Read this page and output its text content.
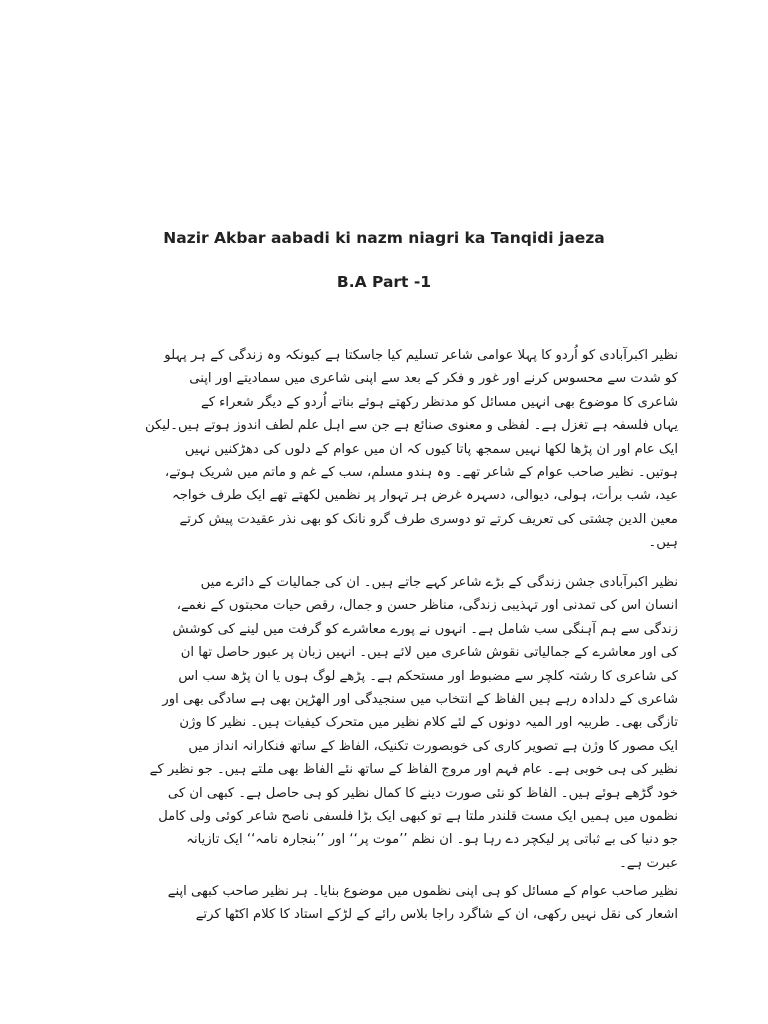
Nazir Akbar aabadi ki nazm niagri ka Tanqidi jaeza
B.A Part -1
نظیر اکبرآبادی کو اُردو کا پہلا عوامی شاعر تسلیم کیا جاسکتا ہے کیونکہ وہ زندگی کے ہر پہلو
کو شدت سے محسوس کرنے اور غور و فکر کے بعد سے اپنی شاعری میں سمادیتے اور اپنی
شاعری کا موضوع بھی انہیں مسائل کو مدنظر رکھتے ہوئے بناتے اُردو کے دیگر شعراء کے
یہاں فلسفہ ہے تغزل ہے۔ لفظی و معنوی صنائع ہے جن سے اہل علم لطف اندوز ہوتے ہیں۔لیکن
ایک عام اور ان پڑھا لکھا نہیں سمجھ پاتا کیوں کہ ان میں عوام کے دلوں کی دھڑکنیں نہیں
ہوتیں۔ نظیر صاحب عوام کے شاعر تھے۔ وہ ہندو مسلم، سب کے غم و ماتم میں شریک ہوتے،
عید، شب برأت، ہولی، دیوالی، دسہرہ غرض ہر تہوار پر نظمیں لکھتے تھے ایک طرف خواجہ
معین الدین چشتی کی تعریف کرتے تو دوسری طرف گرو نانک کو بھی نذر عقیدت پیش کرتے
ہیں۔
نظیر اکبرآبادی جشن زندگی کے بڑے شاعر کہے جاتے ہیں۔ ان کی جمالیات کے دائرے میں
انسان اس کی تمدنی اور تہذیبی زندگی، مناظر حسن و جمال، رقص حیات محبتوں کے نغمے،
زندگی سے ہم آہنگی سب شامل ہے۔ انہوں نے پورے معاشرے کو گرفت میں لینے کی کوشش
کی اور معاشرے کے جمالیاتی نقوش شاعری میں لائے ہیں۔ انہیں زبان پر عبور حاصل تھا ان
کی شاعری کا رشتہ کلچر سے مضبوط اور مستحکم ہے۔ پڑھے لوگ ہوں یا ان پڑھ سب اس
شاعری کے دلدادہ رہے ہیں الفاظ کے انتخاب میں سنجیدگی اور الھڑپن بھی ہے سادگی بھی اور
تازگی بھی۔ طربیہ اور المیہ دونوں کے لئے کلام نظیر میں متحرک کیفیات ہیں۔ نظیر کا وژن
ایک مصور کا وژن ہے تصویر کاری کی خوبصورت تکنیک، الفاظ کے ساتھ فنکارانہ انداز میں
نظیر کی ہی خوبی ہے۔ عام فہم اور مروج الفاظ کے ساتھ نئے الفاظ بھی ملتے ہیں۔ جو نظیر کے
خود گڑھے ہوئے ہیں۔ الفاظ کو نئی صورت دینے کا کمال نظیر کو ہی حاصل ہے۔ کبھی ان کی
نظموں میں ہمیں ایک مست قلندر ملتا ہے تو کبھی ایک بڑا فلسفی ناصح شاعر کوئی ولی کامل
جو دنیا کی بے ثباتی پر لیکچر دے رہا ہو۔ ان نظم ’’موت پر‘‘ اور ’’بنجارہ نامہ‘‘ ایک تازیانہ
عبرت ہے۔
نظیر صاحب عوام کے مسائل کو ہی اپنی نظموں میں موضوع بنایا۔ ہر نظیر صاحب کبھی اپنے
اشعار کی نقل نہیں رکھی، ان کے شاگرد راجا بلاس رائے کے لڑکے استاد کا کلام اکٹھا کرتے
